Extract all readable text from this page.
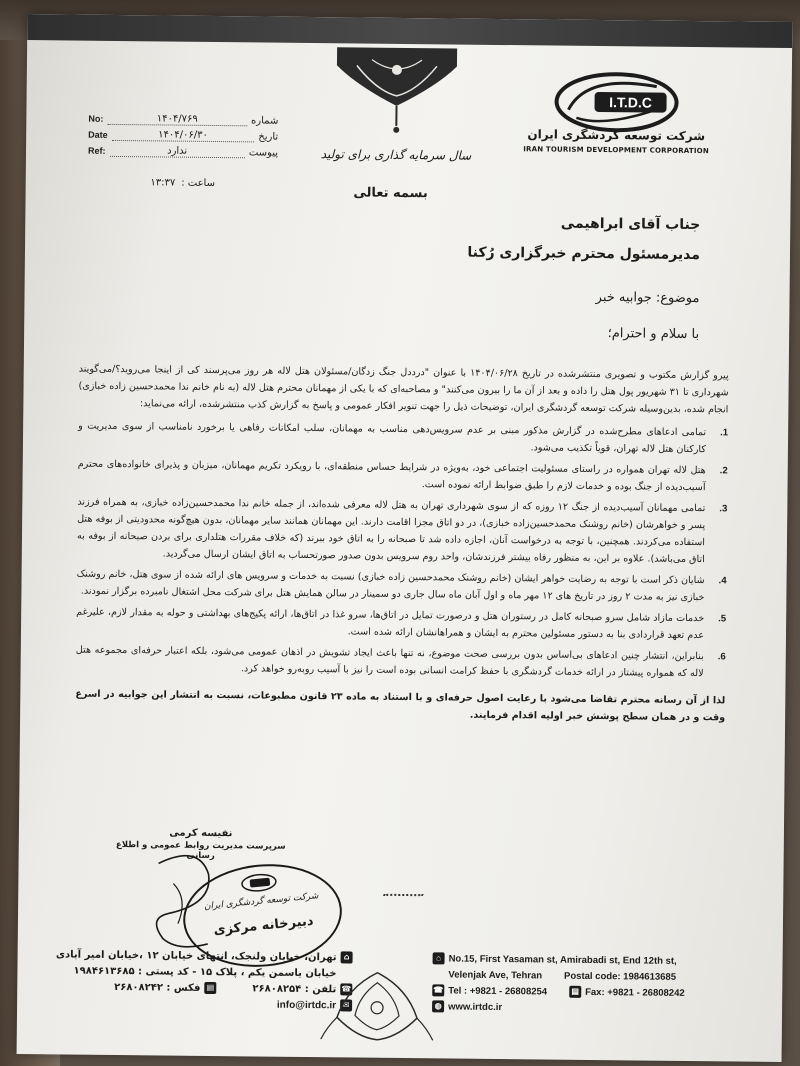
I.T.D.C
شرکت توسعه گردشگری ایران
IRAN TOURISM DEVELOPMENT CORPORATION
سال سرمایه گذاری برای تولید
بسمه تعالی
No:	۱۴۰۴/۷۶۹	شماره
Date	۱۴۰۴/۰۶/۳۰	تاریخ
Ref:	ندارد	پیوست
ساعت :
۱۳:۳۷
جناب آقای ابراهیمی
مدیرمسئول محترم خبرگزاری رُکنا
موضوع: جوابیه خبر
با سلام و احترام؛
پیرو گزارش مکتوب و تصویری منتشرشده در تاریخ ۱۴۰۴/۰۶/۲۸ با عنوان "درددل جنگ زدگان/مسئولان هتل لاله هر روز می‌پرسند کی از اینجا می‌روید؟/می‌گویند شهرداری تا ۳۱ شهریور پول هتل را داده و بعد از آن ما را بیرون می‌کنند" و مصاحبه‌ای که با یکی از مهمانان محترم هتل لاله (به نام خانم ندا محمدحسین زاده خبازی) انجام شده، بدین‌وسیله شرکت توسعه گردشگری ایران، توضیحات ذیل را جهت تنویر افکار عمومی و پاسخ به گزارش کذب منتشرشده، ارائه می‌نماید:
1.
تمامی ادعاهای مطرح‌شده در گزارش مذکور مبنی بر عدم سرویس‌دهی مناسب به مهمانان، سلب امکانات رفاهی یا برخورد نامناسب از سوی مدیریت و کارکنان هتل لاله تهران، قویاً تکذیب می‌شود.
2.
هتل لاله تهران همواره در راستای مسئولیت اجتماعی خود، به‌ویژه در شرایط حساس منطقه‌ای، با رویکرد تکریم مهمانان، میزبان و پذیرای خانواده‌های محترم آسیب‌دیده از جنگ بوده و خدمات لازم را طبق ضوابط ارائه نموده است.
3.
تمامی مهمانان آسیب‌دیده از جنگ ۱۲ روزه که از سوی شهرداری تهران به هتل لاله معرفی شده‌اند، از جمله خانم ندا محمدحسین‌زاده خبازی، به همراه فرزند پسر و خواهرشان (خانم روشنک محمدحسین‌زاده خبازی)، در دو اتاق مجزا اقامت دارند. این مهمانان همانند سایر مهمانان، بدون هیچ‌گونه محدودیتی از بوفه هتل استفاده می‌کردند. همچنین، با توجه به درخواست آنان، اجازه داده شد تا صبحانه را به اتاق خود ببرند (که خلاف مقررات هتلداری برای بردن صبحانه از بوفه به اتاق می‌باشد). علاوه بر این، به منظور رفاه بیشتر فرزندشان، واحد روم سرویس بدون صدور صورتحساب به اتاق ایشان ارسال می‌گردید.
4.
شایان ذکر است با توجه به رضایت خواهر ایشان (خانم روشنک محمدحسین زاده خبازی) نسبت به خدمات و سرویس های ارائه شده از سوی هتل، خانم روشنک خبازی نیز به مدت ۲ روز در تاریخ های ۱۲ مهر ماه و اول آبان ماه سال جاری دو سمینار در سالن همایش هتل برای شرکت محل اشتغال نامبرده برگزار نمودند.
5.
خدمات مازاد شامل سرو صبحانه کامل در رستوران هتل و درصورت تمایل در اتاق‌ها، سرو غذا در اتاق‌ها، ارائه پکیج‌های بهداشتی و حوله به مقدار لازم، علیرغم عدم تعهد قراردادی بنا به دستور مسئولین محترم به ایشان و همراهانشان ارائه شده است.
6.
بنابراین، انتشار چنین ادعاهای بی‌اساس بدون بررسی صحت موضوع، نه تنها باعث ایجاد تشویش در اذهان عمومی می‌شود، بلکه اعتبار حرفه‌ای مجموعه هتل لاله که همواره پیشتاز در ارائه خدمات گردشگری با حفظ کرامت انسانی بوده است را نیز با آسیب روبه‌رو خواهد کرد.
لذا از آن رسانه محترم تقاضا می‌شود با رعایت اصول حرفه‌ای و با استناد به ماده ۲۳ قانون مطبوعات، نسبت به انتشار این جوابیه در اسرع وقت و در همان سطح پوشش خبر اولیه اقدام فرمایند.
نفیسه کرمی
سرپرست مدیریت روابط عمومی و اطلاع رسانی
شرکت توسعه گردشگری ایران
دبیرخانه مرکزی
⌂
تهران، خیابان ولنجک، انتهای خیابان ۱۲ ،خیابان امیر آبادی
خیابان یاسمن یکم ، پلاک ۱۵ - کد پستی : ۱۹۸۴۶۱۳۶۸۵
☎
تلفن : ۲۶۸۰۸۲۵۴
▤
فکس : ۲۶۸۰۸۲۴۲
✉
info@irtdc.ir
⌂ No.15, First Yasaman st, Amirabadi st, End 12th st,
Velenjak Ave, Tehran Postal code: 1984613685
☎ Tel : +9821 - 26808254	▤ Fax: +9821 - 26808242
◍ www.irtdc.ir
